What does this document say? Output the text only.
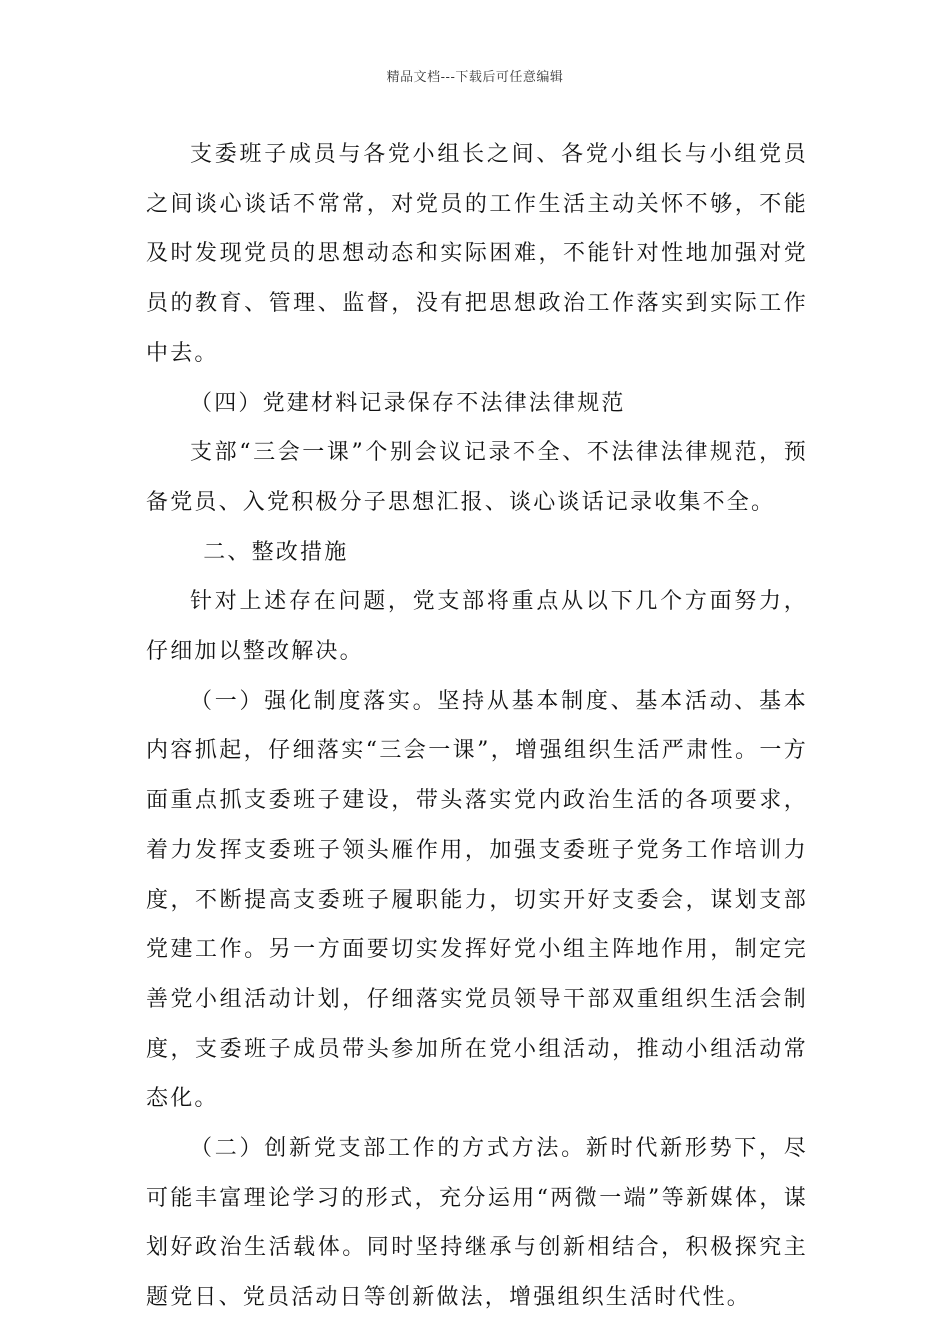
精品文档---下载后可任意编辑

支委班子成员与各党小组长之间、各党小组长与小组党员之间谈心谈话不常常，对党员的工作生活主动关怀不够，不能及时发现党员的思想动态和实际困难，不能针对性地加强对党员的教育、管理、监督，没有把思想政治工作落实到实际工作中去。

（四）党建材料记录保存不法律法律规范

支部“三会一课”个别会议记录不全、不法律法律规范，预备党员、入党积极分子思想汇报、谈心谈话记录收集不全。

二、整改措施

针对上述存在问题，党支部将重点从以下几个方面努力，仔细加以整改解决。

（一）强化制度落实。坚持从基本制度、基本活动、基本内容抓起，仔细落实“三会一课”，增强组织生活严肃性。一方面重点抓支委班子建设，带头落实党内政治生活的各项要求，着力发挥支委班子领头雁作用，加强支委班子党务工作培训力度，不断提高支委班子履职能力，切实开好支委会，谋划支部党建工作。另一方面要切实发挥好党小组主阵地作用，制定完善党小组活动计划，仔细落实党员领导干部双重组织生活会制度，支委班子成员带头参加所在党小组活动，推动小组活动常态化。

（二）创新党支部工作的方式方法。新时代新形势下，尽可能丰富理论学习的形式，充分运用“两微一端”等新媒体，谋划好政治生活载体。同时坚持继承与创新相结合，积极探究主题党日、党员活动日等创新做法，增强组织生活时代性。
